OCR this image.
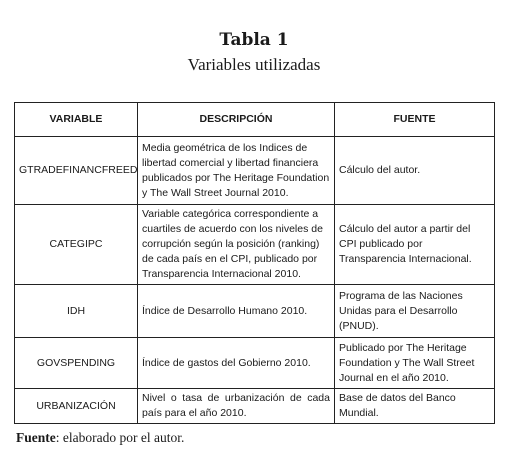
Tabla 1
Variables utilizadas
VARIABLE	DESCRIPCIÓN	FUENTE
GTRADEFINANCFREED	Media geométrica de los Indices de libertad comercial y libertad financiera publicados por The Heritage Foundation y The Wall Street Journal 2010.	Cálculo del autor.
CATEGIPC	Variable categórica correspondiente a cuartiles de acuerdo con los niveles de corrupción según la posición (ranking) de cada país en el CPI, publicado por Transparencia Internacional 2010.	Cálculo del autor a partir del CPI publicado por Transparencia Internacional.
IDH	Índice de Desarrollo Humano 2010.	Programa de las Naciones Unidas para el Desarrollo (PNUD).
GOVSPENDING	Índice de gastos del Gobierno 2010.	Publicado por The Heritage Foundation y The Wall Street Journal en el año 2010.
URBANIZACIÓN	Nivel o tasa de urbanización de cada país para el año 2010.	Base de datos del Banco Mundial.
Fuente: elaborado por el autor.
